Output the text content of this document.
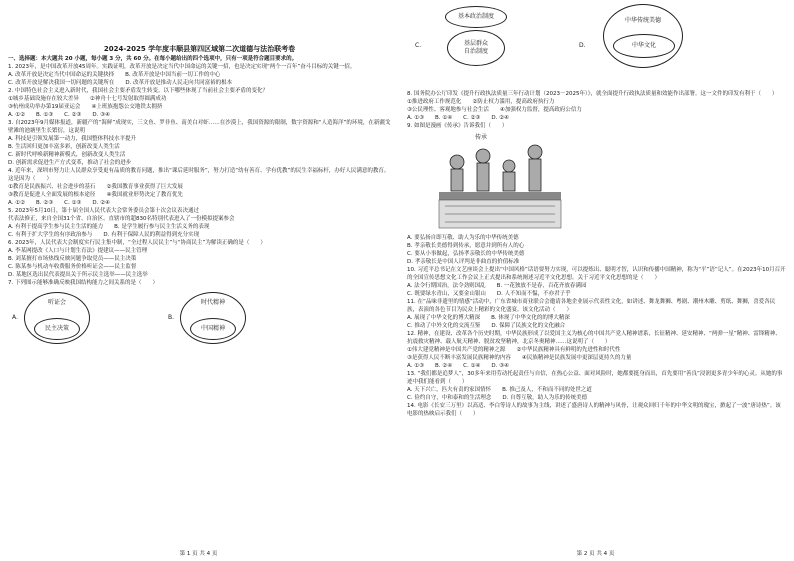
2024-2025 学年度丰顺县第四区域第二次道德与法治联考卷

一、选择题：本大题共 20 小题，每小题 3 分，共 60 分。在每小题给出的四个选项中，只有一项是符合题目要求的。

1. 2023年，是中国改革开放45周年。实践证明，改革开放是决定当代中国命运的关键一招，也是决定实现“两个一百年”奋斗目标的关键一招。

A. 改革开放是决定当代中国命运的关键抉择　　B. 改革开放是中国当前一切工作的中心

C. 改革开放是解决我国一切问题的关键所在　　D. 改革开放是推动人民走向共同富裕的根本

2. 中国特色社会主义进入新时代，我国社会主要矛盾发生转变。以下哪些体现了当前社会主要矛盾的变化？

①城乡基础设施存在较大差异　　②神舟十七号发射取得圆满成功

③杭州成功举办第19届亚运会　　④上班族抱怨公交地铁太拥挤

A. ①②　　B. ①③　　C. ②③　　D. ③④

3. 自2023年9月媒体报道，新疆产的“海鲜”成现实，三文鱼、罗非鱼、南美白对虾……在沙漠上，我国资源的限制，数字资源和“人造海洋”的环境，在新疆戈壁滩的池塘里生长繁衍，这说明

A. 科技是引领发展第一动力，我国整体科技水平提升

B. 生活回归更加丰富多彩，创新改变人类生活

C. 新时代呼唤新精神新模式，创新改变人类生活

D. 创新需求促进生产方式变革，推动了社会的进步

4. 近年来，深圳市努力让人民群众享受更有品质的教育问题，推出“课后延时服务”，努力打造“幼有善育、学有优教”的民生幸福标杆，办好人民满意的教育。这是因为（　　）

①教育是民族振兴、社会进步的基石　　②我国教育事业获得了巨大发展

③教育是促进人全面发展的根本途径　　④我国就业形势决定了教育优先

A. ①②　　B. ②③　　C. ①③　　D. ②④

5. 2023年5月10日，第十届全国人民代表大会常务委员会第十次会议表决通过

代表法修正，来自全国31个省、自治区、直辖市的超830名特别代表进入了一份模拟提案参会

A. 有利于提高学生参与民主生活的能力　　B. 是学生履行参与民主生活义务的表现

C. 有利于扩大学生的有序政治参与　　D. 有利于保障人民的利益得到充分实现

6. 2023年，人民代表大会制度实行民主集中制，“全过程人民民主”与“协商民主”为解读正确的是（　　）

A. 李某网提改《人口与计划生育法》提建议——民主管理

B. 刘某擅打市场热线反映问题争取党员——民主决策

C. 陈某参与机动车收费服务价格听证会——民主监督

D. 某地区选出民代表提出关于所示民主选举——民主选举

7. 下列图示能够准确反映我国结构能力之间关系的是（　　）

A.
听证会
民主决策
B.
时代精神
中国精神
第 1 页 共 4 页
C.
基本政治制度
基层群众
自治制度
D.
中华传统美德
中华文化

8. 国务院办公厅印发《提升行政执法质量三年行动计划（2023－2025年）》，就全面提升行政执法质量和效能作出部署。这一文件的印发有利于（　　）

①推进政府工作规范化　　②防止权力滥用，提高政府执行力

③公民理性、客观地参与社会生活　　④加强权力监督，提高政府公信力

A. ①③　　B. ①④　　C. ②③　　D. ②④

9. 如图是漫画《传承》告诉我们（　　）

传承

A. 要弘扬自即互敬、助人为乐的中华传统美德

B. 孝亲敬长美德得到传承，愿意并到所有人的心

C. 要从小事做起，弘扬孝亲敬长的中华传统美德

D. 孝亲敬长是中国人评判是非曲直的价值标准

10. 习近平总书记在文艺座谈会上提出“中国风格”话语要努力实现，可以提炼出、聪明才智，认识和传播中国精神，称为“平”语“记人”。在2023年10月召开的全国宣传思想文化工作会议上正式提出和系统阐述习近平文化思想。关于习近平文化思想的是（　　）

A. 法令行期国治，法令劲则国乱　　B. 一花独放不是春，百花齐放春满园

C. 既要绿水青山，又要金山银山　　D. 人不知而不愠，不亦君子乎

11. 在“品味非遗里的情感”活动中，广东省城市商业联合会邀请各地企业展示代表性文化，如讲述、舞龙舞狮、粤剧、潮州木雕、剪纸、舞狮，喜爱各民族，表演的各色节目为民众上精彩的文化盛宴。该文化活动（　　）

A. 展现了中华文化的博大精深　　B. 体现了中华文化的的博大精深

C. 推动了中外文化的交流互鉴　　D. 保障了民族文化的文化融合

12. 精神，在建设、改革各个历史时期，中华民族形成了以爱国主义为核心的中国共产党人精神谱系，长征精神、延安精神、“两弹一星”精神、雷锋精神、抗震救灾精神、载人航天精神、脱贫攻坚精神，北京冬奥精神……这说明了（　　）

①伟大建党精神是中国共产党的精神之源　　②中华民族精神具有鲜明的先进性和时代性

③是获得人民不断丰富发展民族精神的内容　　④民族精神是民族发展中更深层更持久的力量

A. ①③　　B. ②④　　C. ①④　　D. ③④

13. “我们都是追梦人”，30多年来用劳动托起责任与自信，在热心公益、面对风险时，她都要挺身而出，首先要用“善良”浸润更多青少年的心灵。从她的事迹中我们能看到（　　）

A. 天下兴亡，匹夫有责的家国情怀　　B. 推己及人，不和而不同的处世之道

C. 俭约自守，中和泰和的生活理念　　D. 自尊互敬，助人为乐的传统美德

14. 电影《长安三万里》以高适、李白等诗人的故事为主线，讲述了盛唐诗人的精神与风骨，让观众回归千年的中华文明的瑰宝，掀起了一波“唐诗热”。该电影的热映启示我们（　　）

第 2 页 共 4 页
